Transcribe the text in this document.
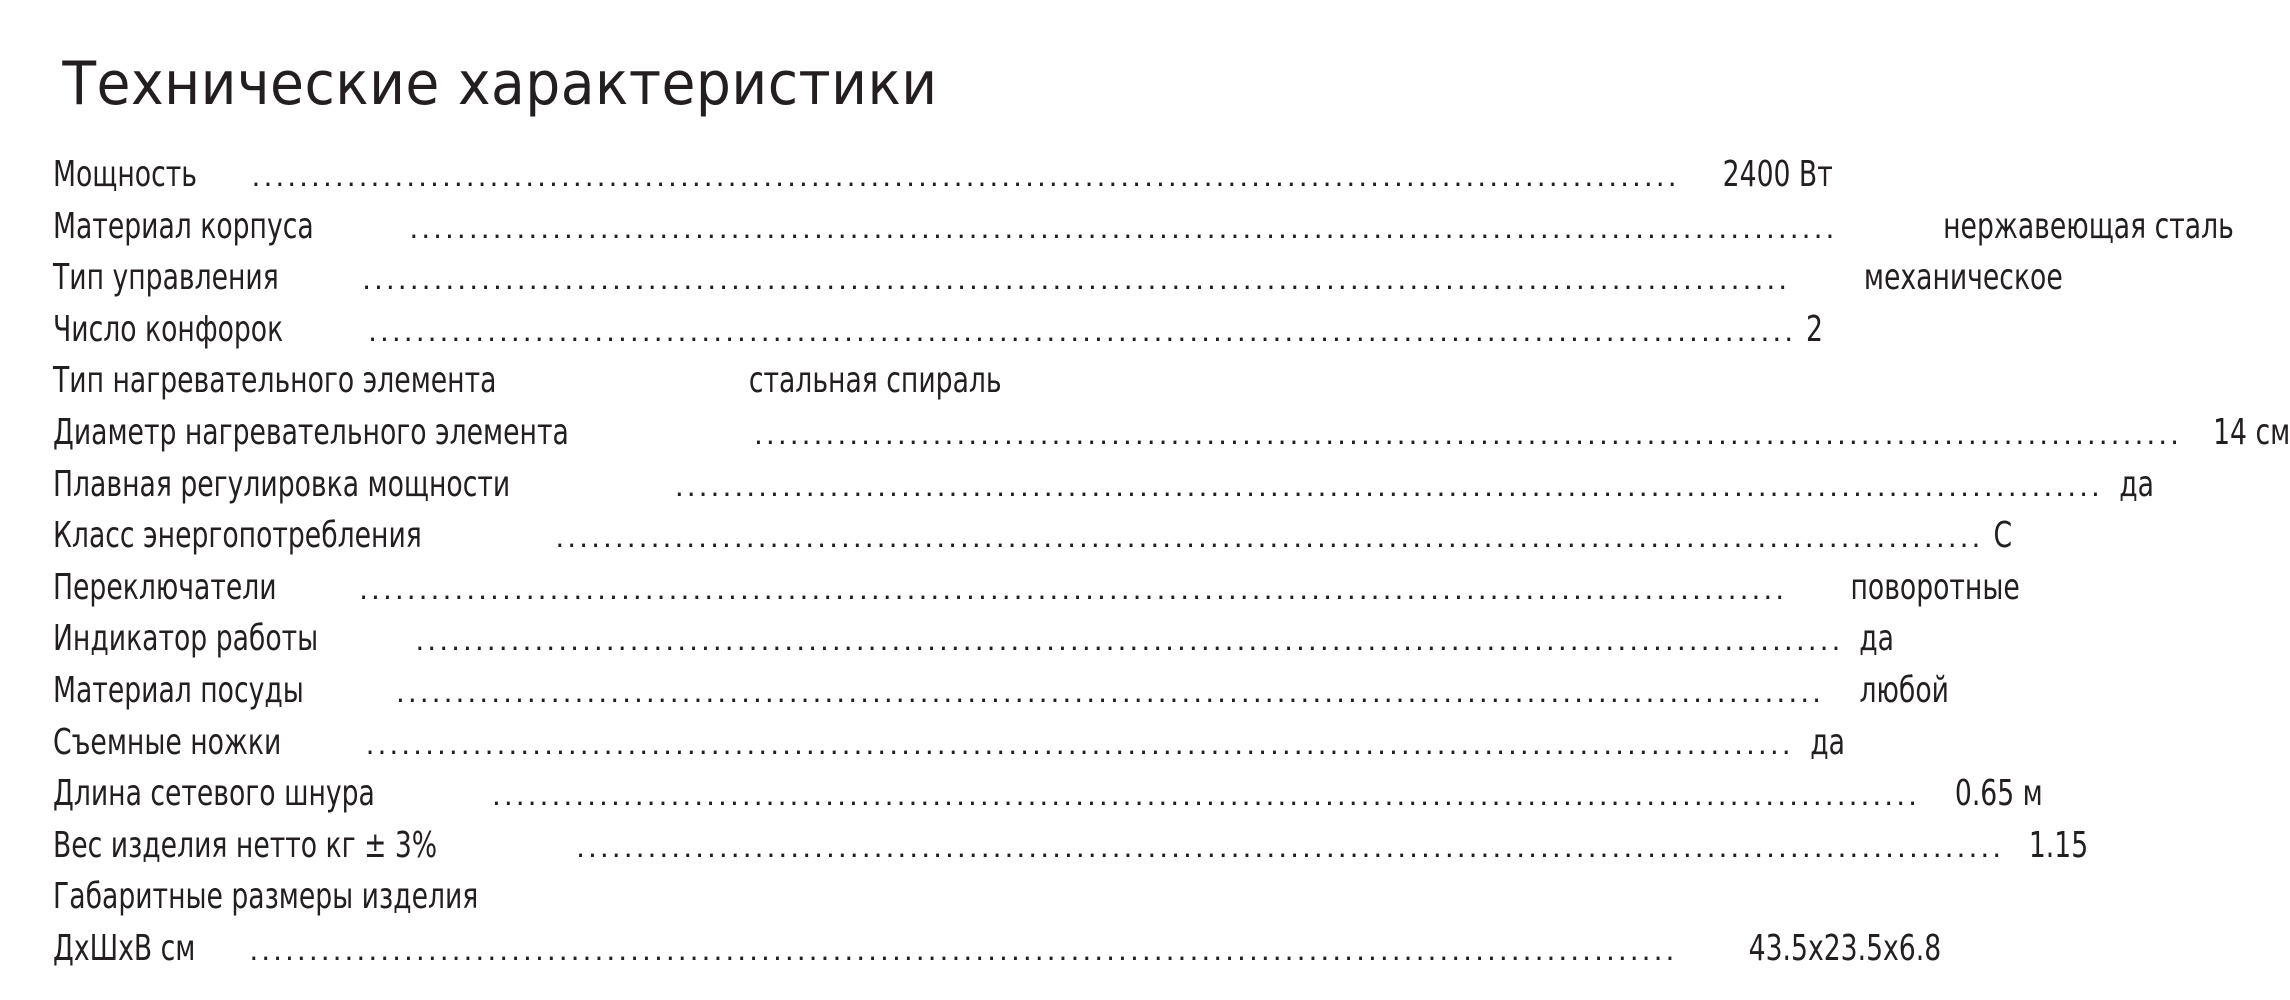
Технические характеристики
Мощность ........................................................................................................................ 2400 Вт
Материал корпуса	........................................................................................................................	нержавеющая сталь
Тип управления	........................................................................................................................ механическое
Число конфорок	........................................................................................................................ 2
Тип нагревательного элемента	стальная спираль
Диаметр нагревательного элемента	........................................................................................................................ 14 см
Плавная регулировка мощности	........................................................................................................................ да
Класс энергопотребления	........................................................................................................................ С
Переключатели	........................................................................................................................ поворотные
Индикатор работы	........................................................................................................................ да
Материал посуды	........................................................................................................................ любой
Съемные ножки	........................................................................................................................ да
Длина сетевого шнура	........................................................................................................................ 0.65 м
Вес изделия нетто кг ± 3%	........................................................................................................................ 1.15
Габаритные размеры изделия
ДхШхВ см ........................................................................................................................ 43.5х23.5х6.8
